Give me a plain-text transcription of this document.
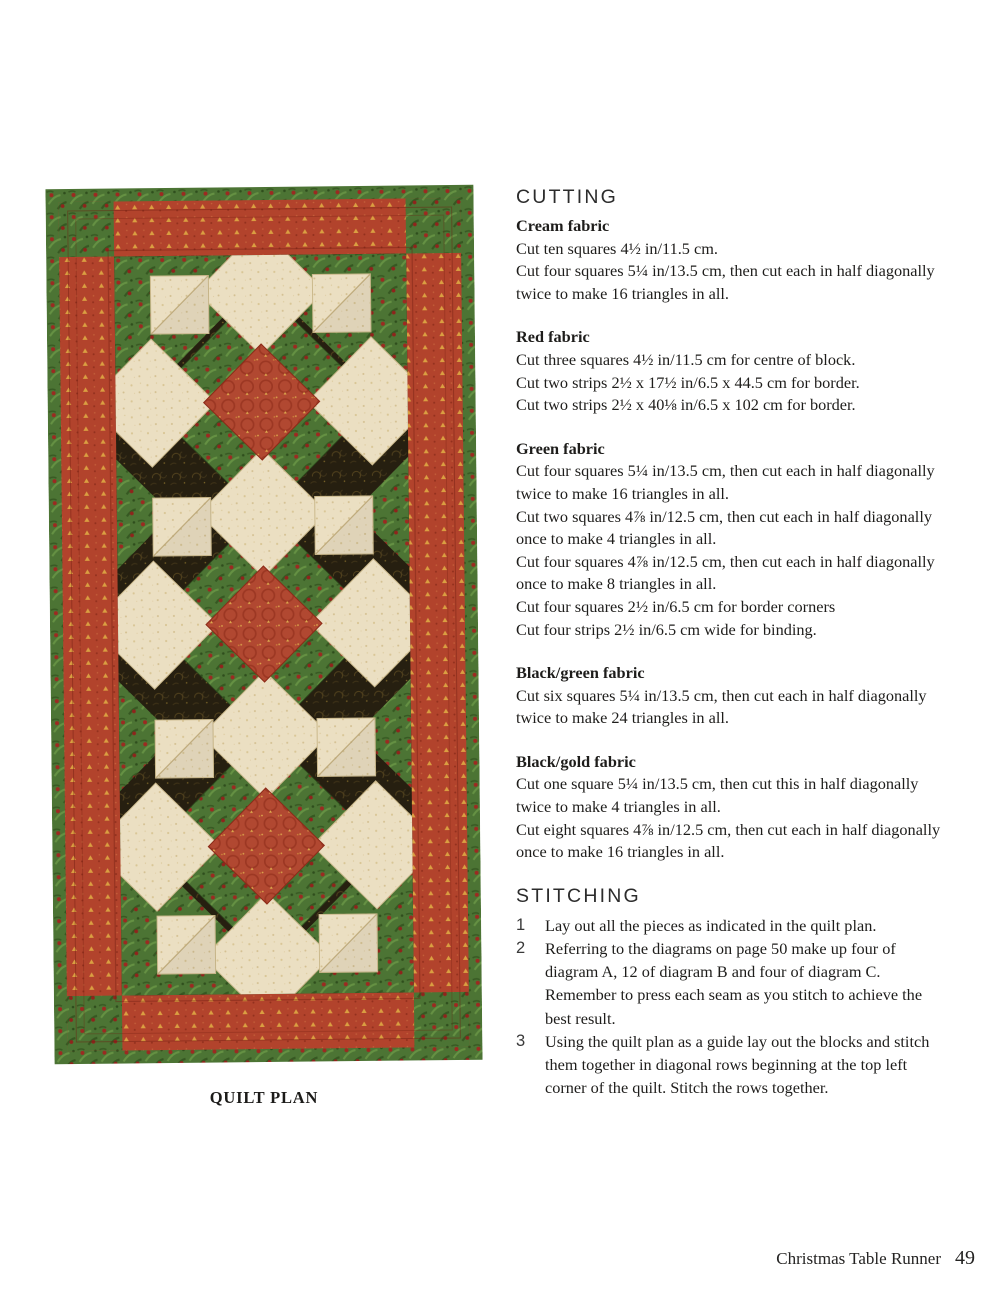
QUILT PLAN
CUTTING

Cream fabric

Cut ten squares 4½ in/11.5 cm.

Cut four squares 5¼ in/13.5 cm, then cut each in half diagonally twice to make 16 triangles in all.

Red fabric

Cut three squares 4½ in/11.5 cm for centre of block.

Cut two strips 2½ x 17½ in/6.5 x 44.5 cm for border.

Cut two strips 2½ x 40⅛ in/6.5 x 102 cm for border.

Green fabric

Cut four squares 5¼ in/13.5 cm, then cut each in half diagonally twice to make 16 triangles in all.

Cut two squares 4⅞ in/12.5 cm, then cut each in half diagonally once to make 4 triangles in all.

Cut four squares 4⅞ in/12.5 cm, then cut each in half diagonally once to make 8 triangles in all.

Cut four squares 2½ in/6.5 cm for border corners

Cut four strips 2½ in/6.5 cm wide for binding.

Black/green fabric

Cut six squares 5¼ in/13.5 cm, then cut each in half diagonally twice to make 24 triangles in all.

Black/gold fabric

Cut one square 5¼ in/13.5 cm, then cut this in half diagonally twice to make 4 triangles in all.

Cut eight squares 4⅞ in/12.5 cm, then cut each in half diagonally once to make 16 triangles in all.

STITCHING
1	Lay out all the pieces as indicated in the quilt plan.
2	Referring to the diagrams on page 50 make up four of diagram A, 12 of diagram B and four of diagram C. Remember to press each seam as you stitch to achieve the best result.
3	Using the quilt plan as a guide lay out the blocks and stitch them together in diagonal rows beginning at the top left corner of the quilt. Stitch the rows together.
Christmas Table Runner 49
